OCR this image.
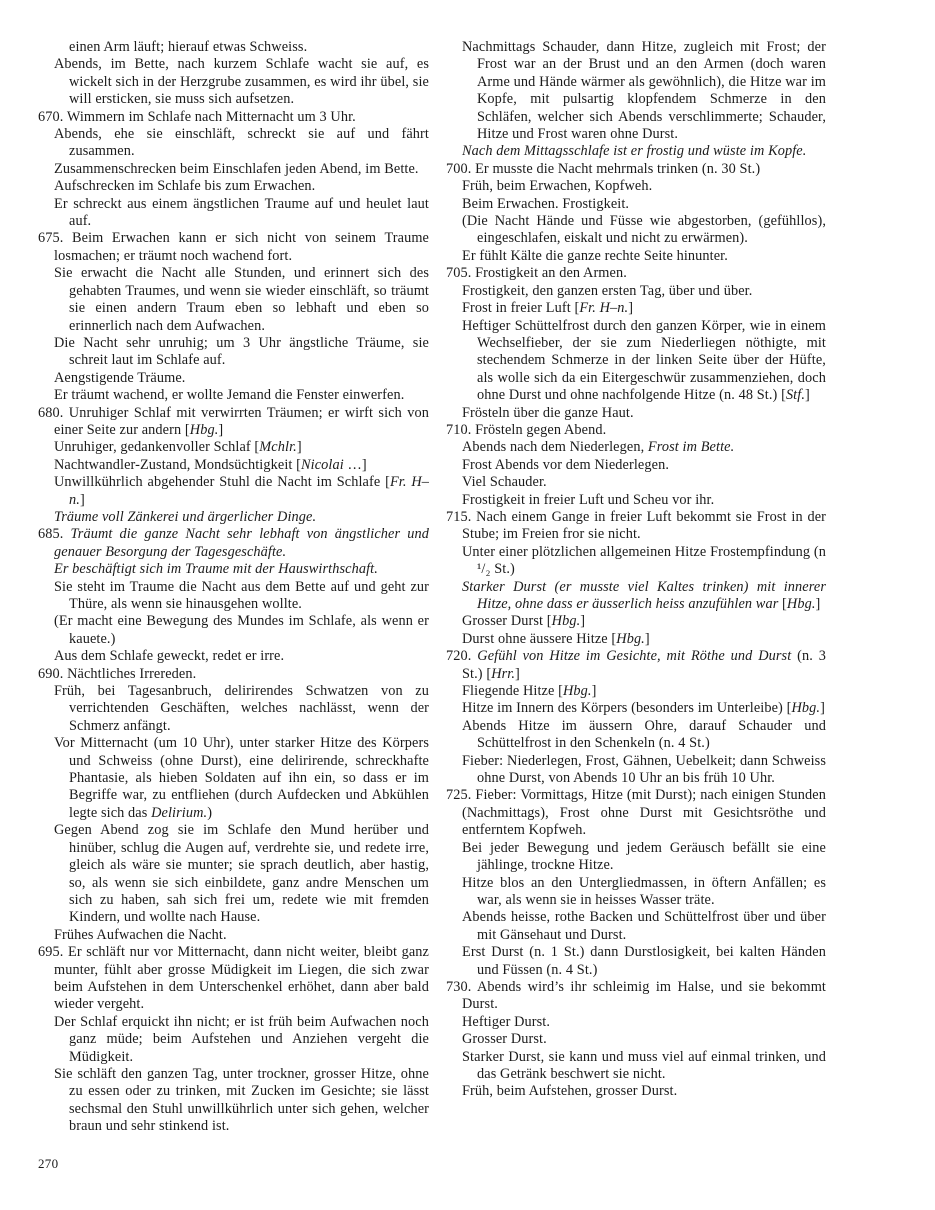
einen Arm läuft; hierauf etwas Schweiss.

Abends, im Bette, nach kurzem Schlafe wacht sie auf, es wickelt sich in der Herzgrube zusammen, es wird ihr übel, sie will ersticken, sie muss sich aufsetzen.

670. Wimmern im Schlafe nach Mitternacht um 3 Uhr.

Abends, ehe sie einschläft, schreckt sie auf und fährt zusammen.

Zusammenschrecken beim Einschlafen jeden Abend, im Bette.

Aufschrecken im Schlafe bis zum Erwachen.

Er schreckt aus einem ängstlichen Traume auf und heulet laut auf.

675. Beim Erwachen kann er sich nicht von seinem Traume losmachen; er träumt noch wachend fort.

Sie erwacht die Nacht alle Stunden, und erinnert sich des gehabten Traumes, und wenn sie wieder einschläft, so träumt sie einen andern Traum eben so lebhaft und eben so erinnerlich nach dem Aufwachen.

Die Nacht sehr unruhig; um 3 Uhr ängstliche Träume, sie schreit laut im Schlafe auf.

Aengstigende Träume.

Er träumt wachend, er wollte Jemand die Fenster einwerfen.

680. Unruhiger Schlaf mit verwirrten Träumen; er wirft sich von einer Seite zur andern [Hbg.]

Unruhiger, gedankenvoller Schlaf [Mchlr.]

Nachtwandler-Zustand, Mondsüchtigkeit [Nicolai …]

Unwillkührlich abgehender Stuhl die Nacht im Schlafe [Fr. H–n.]

Träume voll Zänkerei und ärgerlicher Dinge.

685. Träumt die ganze Nacht sehr lebhaft von ängstlicher und genauer Besorgung der Tagesgeschäfte.

Er beschäftigt sich im Traume mit der Hauswirthschaft.

Sie steht im Traume die Nacht aus dem Bette auf und geht zur Thüre, als wenn sie hinausgehen wollte.

(Er macht eine Bewegung des Mundes im Schlafe, als wenn er kauete.)

Aus dem Schlafe geweckt, redet er irre.

690. Nächtliches Irrereden.

Früh, bei Tagesanbruch, delirirendes Schwatzen von zu verrichtenden Geschäften, welches nachlässt, wenn der Schmerz anfängt.

Vor Mitternacht (um 10 Uhr), unter starker Hitze des Körpers und Schweiss (ohne Durst), eine delirirende, schreckhafte Phantasie, als hieben Soldaten auf ihn ein, so dass er im Begriffe war, zu entfliehen (durch Aufdecken und Abkühlen legte sich das Delirium.)

Gegen Abend zog sie im Schlafe den Mund herüber und hinüber, schlug die Augen auf, verdrehte sie, und redete irre, gleich als wäre sie munter; sie sprach deutlich, aber hastig, so, als wenn sie sich einbildete, ganz andre Menschen um sich zu haben, sah sich frei um, redete wie mit fremden Kindern, und wollte nach Hause.

Frühes Aufwachen die Nacht.

695. Er schläft nur vor Mitternacht, dann nicht weiter, bleibt ganz munter, fühlt aber grosse Müdigkeit im Liegen, die sich zwar beim Aufstehen in dem Unterschenkel erhöhet, dann aber bald wieder vergeht.

Der Schlaf erquickt ihn nicht; er ist früh beim Aufwachen noch ganz müde; beim Aufstehen und Anziehen vergeht die Müdigkeit.

Sie schläft den ganzen Tag, unter trockner, grosser Hitze, ohne zu essen oder zu trinken, mit Zucken im Gesichte; sie lässt sechsmal den Stuhl unwillkührlich unter sich gehen, welcher braun und sehr stinkend ist.

Nachmittags Schauder, dann Hitze, zugleich mit Frost; der Frost war an der Brust und an den Armen (doch waren Arme und Hände wärmer als gewöhnlich), die Hitze war im Kopfe, mit pulsartig klopfendem Schmerze in den Schläfen, welcher sich Abends verschlimmerte; Schauder, Hitze und Frost waren ohne Durst.

Nach dem Mittagsschlafe ist er frostig und wüste im Kopfe.

700. Er musste die Nacht mehrmals trinken (n. 30 St.)

Früh, beim Erwachen, Kopfweh.

Beim Erwachen. Frostigkeit.

(Die Nacht Hände und Füsse wie abgestorben, (gefühllos), eingeschlafen, eiskalt und nicht zu erwärmen).

Er fühlt Kälte die ganze rechte Seite hinunter.

705. Frostigkeit an den Armen.

Frostigkeit, den ganzen ersten Tag, über und über.

Frost in freier Luft [Fr. H–n.]

Heftiger Schüttelfrost durch den ganzen Körper, wie in einem Wechselfieber, der sie zum Niederliegen nöthigte, mit stechendem Schmerze in der linken Seite über der Hüfte, als wolle sich da ein Eitergeschwür zusammenziehen, doch ohne Durst und ohne nachfolgende Hitze (n. 48 St.) [Stf.]

Frösteln über die ganze Haut.

710. Frösteln gegen Abend.

Abends nach dem Niederlegen, Frost im Bette.

Frost Abends vor dem Niederlegen.

Viel Schauder.

Frostigkeit in freier Luft und Scheu vor ihr.

715. Nach einem Gange in freier Luft bekommt sie Frost in der Stube; im Freien fror sie nicht.

Unter einer plötzlichen allgemeinen Hitze Frostempfindung (n ¹/₂ St.)

Starker Durst (er musste viel Kaltes trinken) mit innerer Hitze, ohne dass er äusserlich heiss anzufühlen war [Hbg.]

Grosser Durst [Hbg.]

Durst ohne äussere Hitze [Hbg.]

720. Gefühl von Hitze im Gesichte, mit Röthe und Durst (n. 3 St.) [Hrr.]

Fliegende Hitze [Hbg.]

Hitze im Innern des Körpers (besonders im Unterleibe) [Hbg.]

Abends Hitze im äussern Ohre, darauf Schauder und Schüttelfrost in den Schenkeln (n. 4 St.)

Fieber: Niederlegen, Frost, Gähnen, Uebelkeit; dann Schweiss ohne Durst, von Abends 10 Uhr an bis früh 10 Uhr.

725. Fieber: Vormittags, Hitze (mit Durst); nach einigen Stunden (Nachmittags), Frost ohne Durst mit Gesichtsröthe und entferntem Kopfweh.

Bei jeder Bewegung und jedem Geräusch befällt sie eine jählinge, trockne Hitze.

Hitze blos an den Untergliedmassen, in öftern Anfällen; es war, als wenn sie in heisses Wasser träte.

Abends heisse, rothe Backen und Schüttelfrost über und über mit Gänsehaut und Durst.

Erst Durst (n. 1 St.) dann Durstlosigkeit, bei kalten Händen und Füssen (n. 4 St.)

730. Abends wird’s ihr schleimig im Halse, und sie bekommt Durst.

Heftiger Durst.

Grosser Durst.

Starker Durst, sie kann und muss viel auf einmal trinken, und das Getränk beschwert sie nicht.

Früh, beim Aufstehen, grosser Durst.

270
